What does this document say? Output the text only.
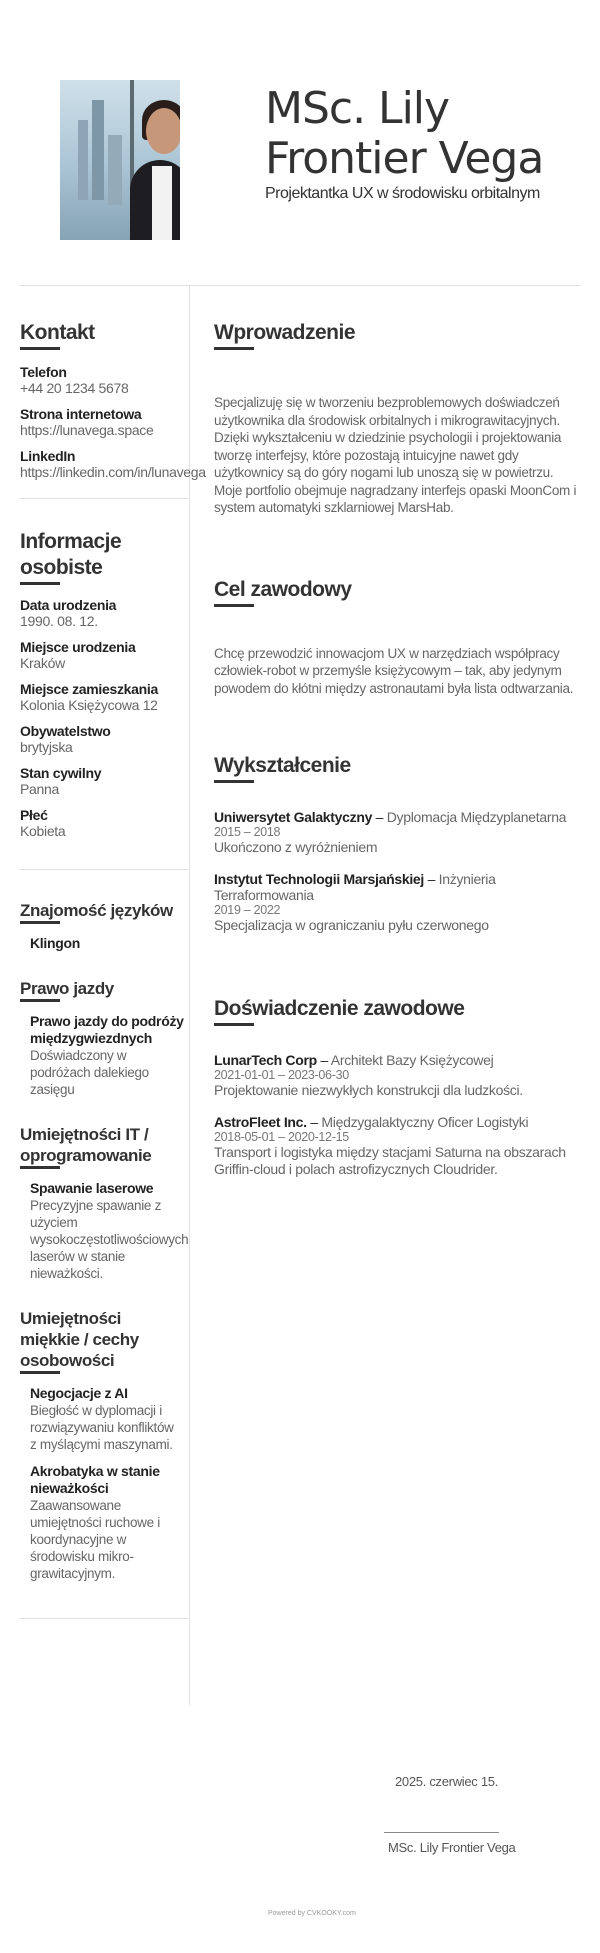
MSc. Lily Frontier Vega
Projektantka UX w środowisku orbitalnym
Kontakt
Telefon
+44 20 1234 5678
Strona internetowa
https://lunavega.space
LinkedIn
https://linkedin.com/in/lunavega
Informacje osobiste
Data urodzenia
1990. 08. 12.
Miejsce urodzenia
Kraków
Miejsce zamieszkania
Kolonia Księżycowa 12
Obywatelstwo
brytyjska
Stan cywilny
Panna
Płeć
Kobieta
Znajomość języków
Klingon
Prawo jazdy
Prawo jazdy do podróży międzygwiezdnych
Doświadczony w podróżach dalekiego zasięgu
Umiejętności IT / oprogramowanie
Spawanie laserowe
Precyzyjne spawanie z użyciem wysokoczęstotliwościowych laserów w stanie nieważkości.
Umiejętności miękkie / cechy osobowości
Negocjacje z AI
Biegłość w dyplomacji i rozwiązywaniu konfliktów z myślącymi maszynami.
Akrobatyka w stanie nieważkości
Zaawansowane umiejętności ruchowe i koordynacyjne w środowisku mikro-grawitacyjnym.
Wprowadzenie
Specjalizuję się w tworzeniu bezproblemowych doświadczeń użytkownika dla środowisk orbitalnych i mikrograwitacyjnych. Dzięki wykształceniu w dziedzinie psychologii i projektowania tworzę interfejsy, które pozostają intuicyjne nawet gdy użytkownicy są do góry nogami lub unoszą się w powietrzu. Moje portfolio obejmuje nagradzany interfejs opaski MoonCom i system automatyki szklarniowej MarsHab.
Cel zawodowy
Chcę przewodzić innowacjom UX w narzędziach współpracy człowiek-robot w przemyśle księżycowym – tak, aby jedynym powodem do kłótni między astronautami była lista odtwarzania.
Wykształcenie
Uniwersytet Galaktyczny – Dyplomacja Międzyplanetarna
2015 – 2018
Ukończono z wyróżnieniem
Instytut Technologii Marsjańskiej – Inżynieria Terraformowania
2019 – 2022
Specjalizacja w ograniczaniu pyłu czerwonego
Doświadczenie zawodowe
LunarTech Corp – Architekt Bazy Księżycowej
2021-01-01 – 2023-06-30
Projektowanie niezwykłych konstrukcji dla ludzkości.
AstroFleet Inc. – Międzygalaktyczny Oficer Logistyki
2018-05-01 – 2020-12-15
Transport i logistyka między stacjami Saturna na obszarach Griffin-cloud i polach astrofizycznych Cloudrider.
2025. czerwiec 15.
MSc. Lily Frontier Vega
Powered by CVKOOKY.com
